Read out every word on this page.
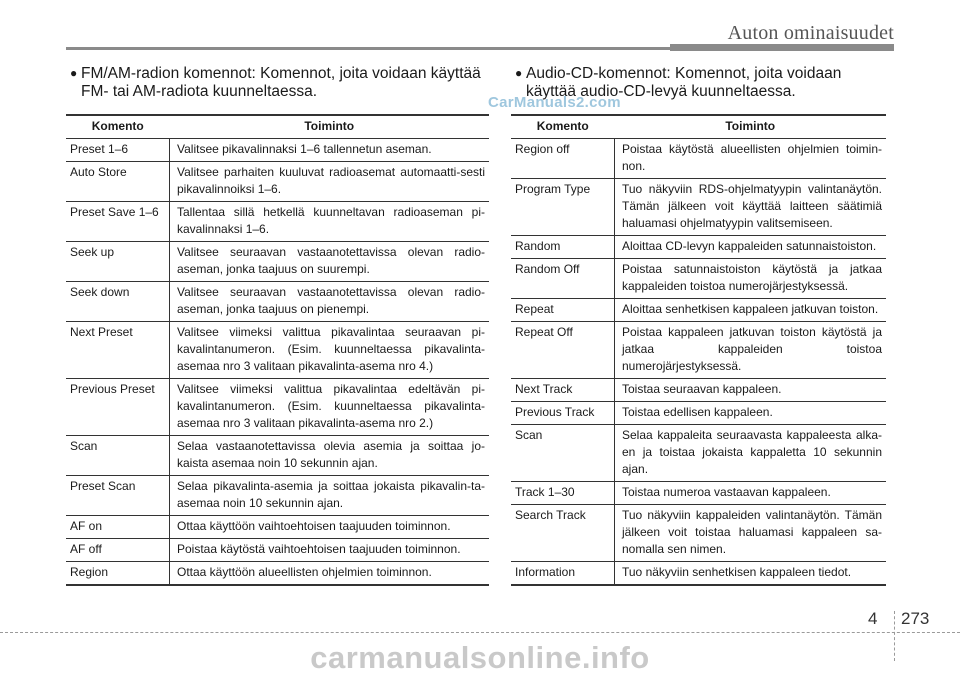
Auton ominaisuudet
CarManuals2.com

● FM/AM-radion komennot: Komennot, joita voidaan käyttää FM- tai AM-radiota kuunneltaessa.

Komento	Toiminto
Preset 1–6	Valitsee pikavalinnaksi 1–6 tallennetun aseman.
Auto Store	Valitsee parhaiten kuuluvat radioasemat automaatti-sesti pikavalinnoiksi 1–6.
Preset Save 1–6	Tallentaa sillä hetkellä kuunneltavan radioaseman pi-kavalinnaksi 1–6.
Seek up	Valitsee seuraavan vastaanotettavissa olevan radio-aseman, jonka taajuus on suurempi.
Seek down	Valitsee seuraavan vastaanotettavissa olevan radio-aseman, jonka taajuus on pienempi.
Next Preset	Valitsee viimeksi valittua pikavalintaa seuraavan pi-kavalintanumeron. (Esim. kuunneltaessa pikavalinta-asemaa nro 3 valitaan pikavalinta-asema nro 4.)
Previous Preset	Valitsee viimeksi valittua pikavalintaa edeltävän pi-kavalintanumeron. (Esim. kuunneltaessa pikavalinta-asemaa nro 3 valitaan pikavalinta-asema nro 2.)
Scan	Selaa vastaanotettavissa olevia asemia ja soittaa jo-kaista asemaa noin 10 sekunnin ajan.
Preset Scan	Selaa pikavalinta-asemia ja soittaa jokaista pikavalin-ta-asemaa noin 10 sekunnin ajan.
AF on	Ottaa käyttöön vaihtoehtoisen taajuuden toiminnon.
AF off	Poistaa käytöstä vaihtoehtoisen taajuuden toiminnon.
Region	Ottaa käyttöön alueellisten ohjelmien toiminnon.

● Audio-CD-komennot: Komennot, joita voidaan käyttää audio-CD-levyä kuunneltaessa.

Komento	Toiminto
Region off	Poistaa käytöstä alueellisten ohjelmien toimin-non.
Program Type	Tuo näkyviin RDS-ohjelmatyypin valintanäytön. Tämän jälkeen voit käyttää laitteen säätimiä haluamasi ohjelmatyypin valitsemiseen.
Random	Aloittaa CD-levyn kappaleiden satunnaistoiston.
Random Off	Poistaa satunnaistoiston käytöstä ja jatkaa kappaleiden toistoa numerojärjestyksessä.
Repeat	Aloittaa senhetkisen kappaleen jatkuvan toiston.
Repeat Off	Poistaa kappaleen jatkuvan toiston käytöstä ja jatkaa kappaleiden toistoa numerojärjestyksessä.
Next Track	Toistaa seuraavan kappaleen.
Previous Track	Toistaa edellisen kappaleen.
Scan	Selaa kappaleita seuraavasta kappaleesta alka-en ja toistaa jokaista kappaletta 10 sekunnin ajan.
Track 1–30	Toistaa numeroa vastaavan kappaleen.
Search Track	Tuo näkyviin kappaleiden valintanäytön. Tämän jälkeen voit toistaa haluamasi kappaleen sa-nomalla sen nimen.
Information	Tuo näkyviin senhetkisen kappaleen tiedot.
4 273
carmanualsonline.info
